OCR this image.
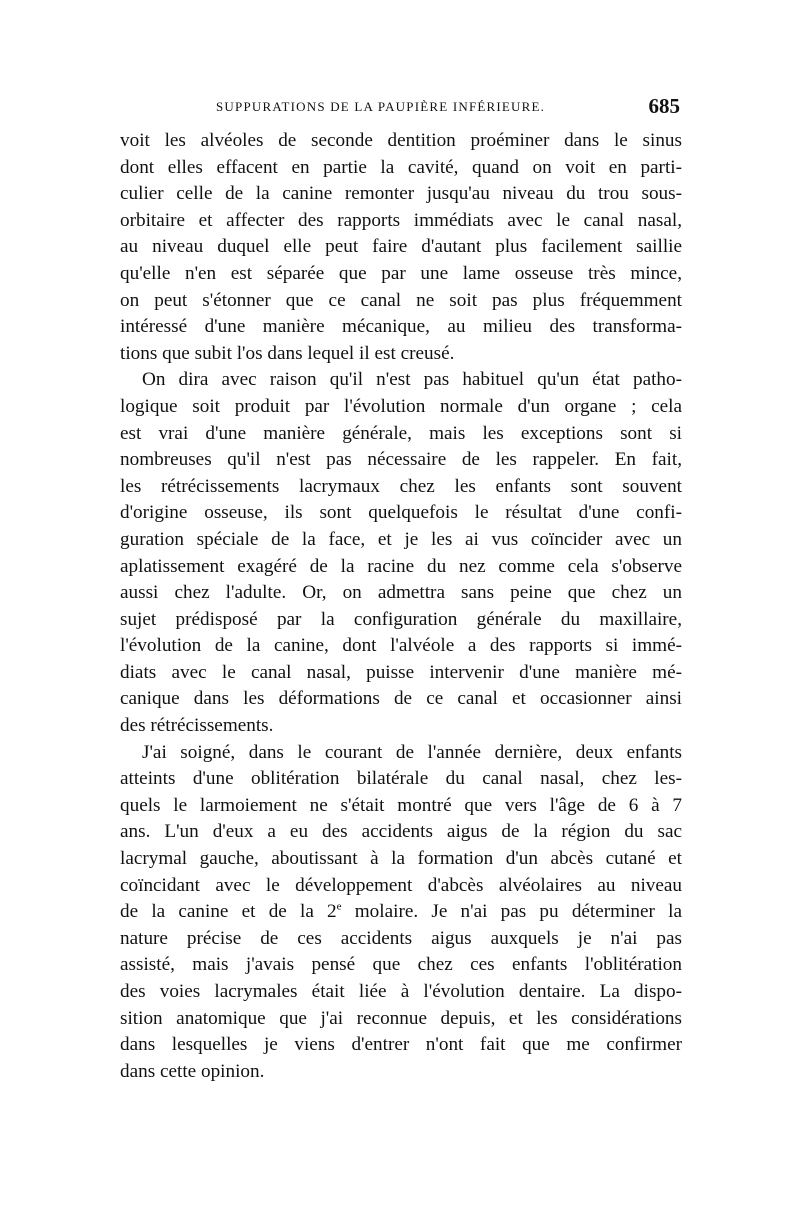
SUPPURATIONS DE LA PAUPIÈRE INFÉRIEURE.	685
voit les alvéoles de seconde dentition proéminer dans le sinus
dont elles effacent en partie la cavité, quand on voit en parti-
culier celle de la canine remonter jusqu'au niveau du trou sous-
orbitaire et affecter des rapports immédiats avec le canal nasal,
au niveau duquel elle peut faire d'autant plus facilement saillie
qu'elle n'en est séparée que par une lame osseuse très mince,
on peut s'étonner que ce canal ne soit pas plus fréquemment
intéressé d'une manière mécanique, au milieu des transforma-
tions que subit l'os dans lequel il est creusé.
On dira avec raison qu'il n'est pas habituel qu'un état patho-
logique soit produit par l'évolution normale d'un organe ; cela
est vrai d'une manière générale, mais les exceptions sont si
nombreuses qu'il n'est pas nécessaire de les rappeler. En fait,
les rétrécissements lacrymaux chez les enfants sont souvent
d'origine osseuse, ils sont quelquefois le résultat d'une confi-
guration spéciale de la face, et je les ai vus coïncider avec un
aplatissement exagéré de la racine du nez comme cela s'observe
aussi chez l'adulte. Or, on admettra sans peine que chez un
sujet prédisposé par la configuration générale du maxillaire,
l'évolution de la canine, dont l'alvéole a des rapports si immé-
diats avec le canal nasal, puisse intervenir d'une manière mé-
canique dans les déformations de ce canal et occasionner ainsi
des rétrécissements.
J'ai soigné, dans le courant de l'année dernière, deux enfants
atteints d'une oblitération bilatérale du canal nasal, chez les-
quels le larmoiement ne s'était montré que vers l'âge de 6 à 7
ans. L'un d'eux a eu des accidents aigus de la région du sac
lacrymal gauche, aboutissant à la formation d'un abcès cutané et
coïncidant avec le développement d'abcès alvéolaires au niveau
de la canine et de la 2e molaire. Je n'ai pas pu déterminer la
nature précise de ces accidents aigus auxquels je n'ai pas
assisté, mais j'avais pensé que chez ces enfants l'oblitération
des voies lacrymales était liée à l'évolution dentaire. La dispo-
sition anatomique que j'ai reconnue depuis, et les considérations
dans lesquelles je viens d'entrer n'ont fait que me confirmer
dans cette opinion.
